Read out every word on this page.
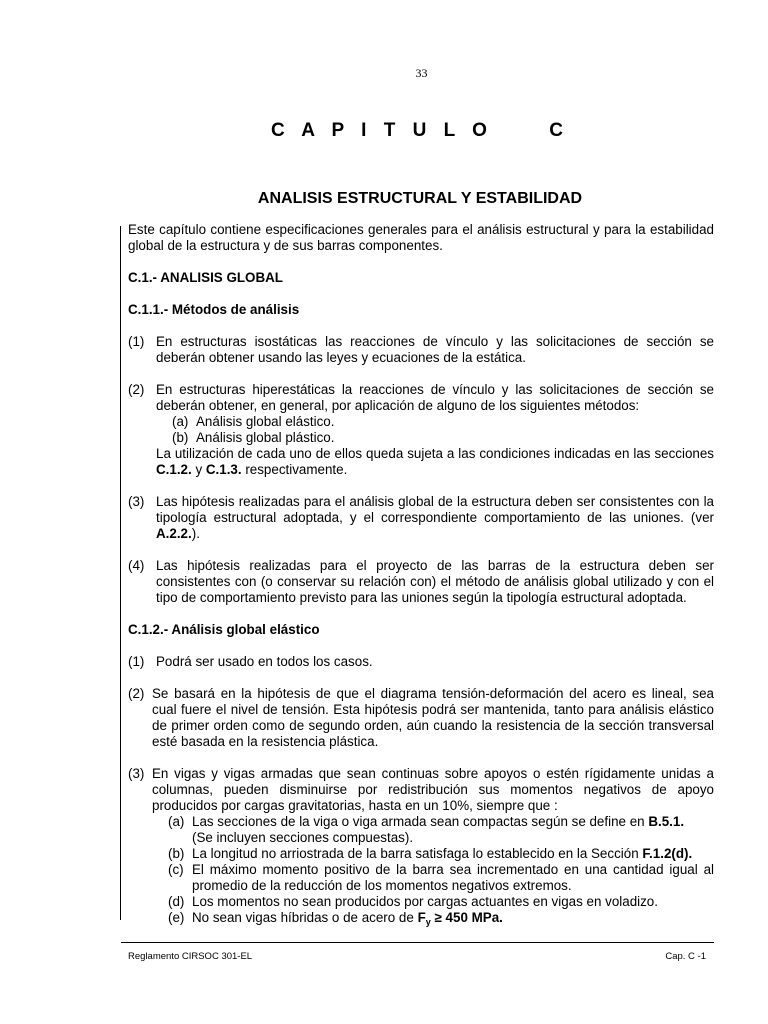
33
C A P I T U L O     C
ANALISIS ESTRUCTURAL Y ESTABILIDAD

Este capítulo contiene especificaciones generales para el análisis estructural y para la estabilidad global de la estructura y de sus barras componentes.

C.1.- ANALISIS GLOBAL
C.1.1.- Métodos de análisis
(1) En estructuras isostáticas las reacciones de vínculo y las solicitaciones de sección se deberán obtener usando las leyes y ecuaciones de la estática.
(2) En estructuras hiperestáticas la reacciones de vínculo y las solicitaciones de sección se deberán obtener, en general, por aplicación de alguno de los siguientes métodos:
(a) Análisis global elástico.
(b) Análisis global plástico.
La utilización de cada uno de ellos queda sujeta a las condiciones indicadas en las secciones C.1.2. y C.1.3. respectivamente.
(3) Las hipótesis realizadas para el análisis global de la estructura deben ser consistentes con la tipología estructural adoptada, y el correspondiente comportamiento de las uniones. (ver A.2.2.).
(4) Las hipótesis realizadas para el proyecto de las barras de la estructura deben ser consistentes con (o conservar su relación con) el método de análisis global utilizado y con el tipo de comportamiento previsto para las uniones según la tipología estructural adoptada.
C.1.2.- Análisis global elástico
(1) Podrá ser usado en todos los casos.
(2) Se basará en la hipótesis de que el diagrama tensión-deformación del acero es lineal, sea cual fuere el nivel de tensión. Esta hipótesis podrá ser mantenida, tanto para análisis elástico de primer orden como de segundo orden, aún cuando la resistencia de la sección transversal esté basada en la resistencia plástica.
(3) En vigas y vigas armadas que sean continuas sobre apoyos o estén rígidamente unidas a columnas, pueden disminuirse por redistribución sus momentos negativos de apoyo producidos por cargas gravitatorias, hasta en un 10%, siempre que :
(a) Las secciones de la viga o viga armada sean compactas según se define en B.5.1.
(Se incluyen secciones compuestas).
(b) La longitud no arriostrada de la barra satisfaga lo establecido en la Sección F.1.2(d).
(c) El máximo momento positivo de la barra sea incrementado en una cantidad igual al promedio de la reducción de los momentos negativos extremos.
(d) Los momentos no sean producidos por cargas actuantes en vigas en voladizo.
(e) No sean vigas híbridas o de acero de $F_y \ge 450$ MPa.
Reglamento CIRSOC 301-EL	Cap. C -1
